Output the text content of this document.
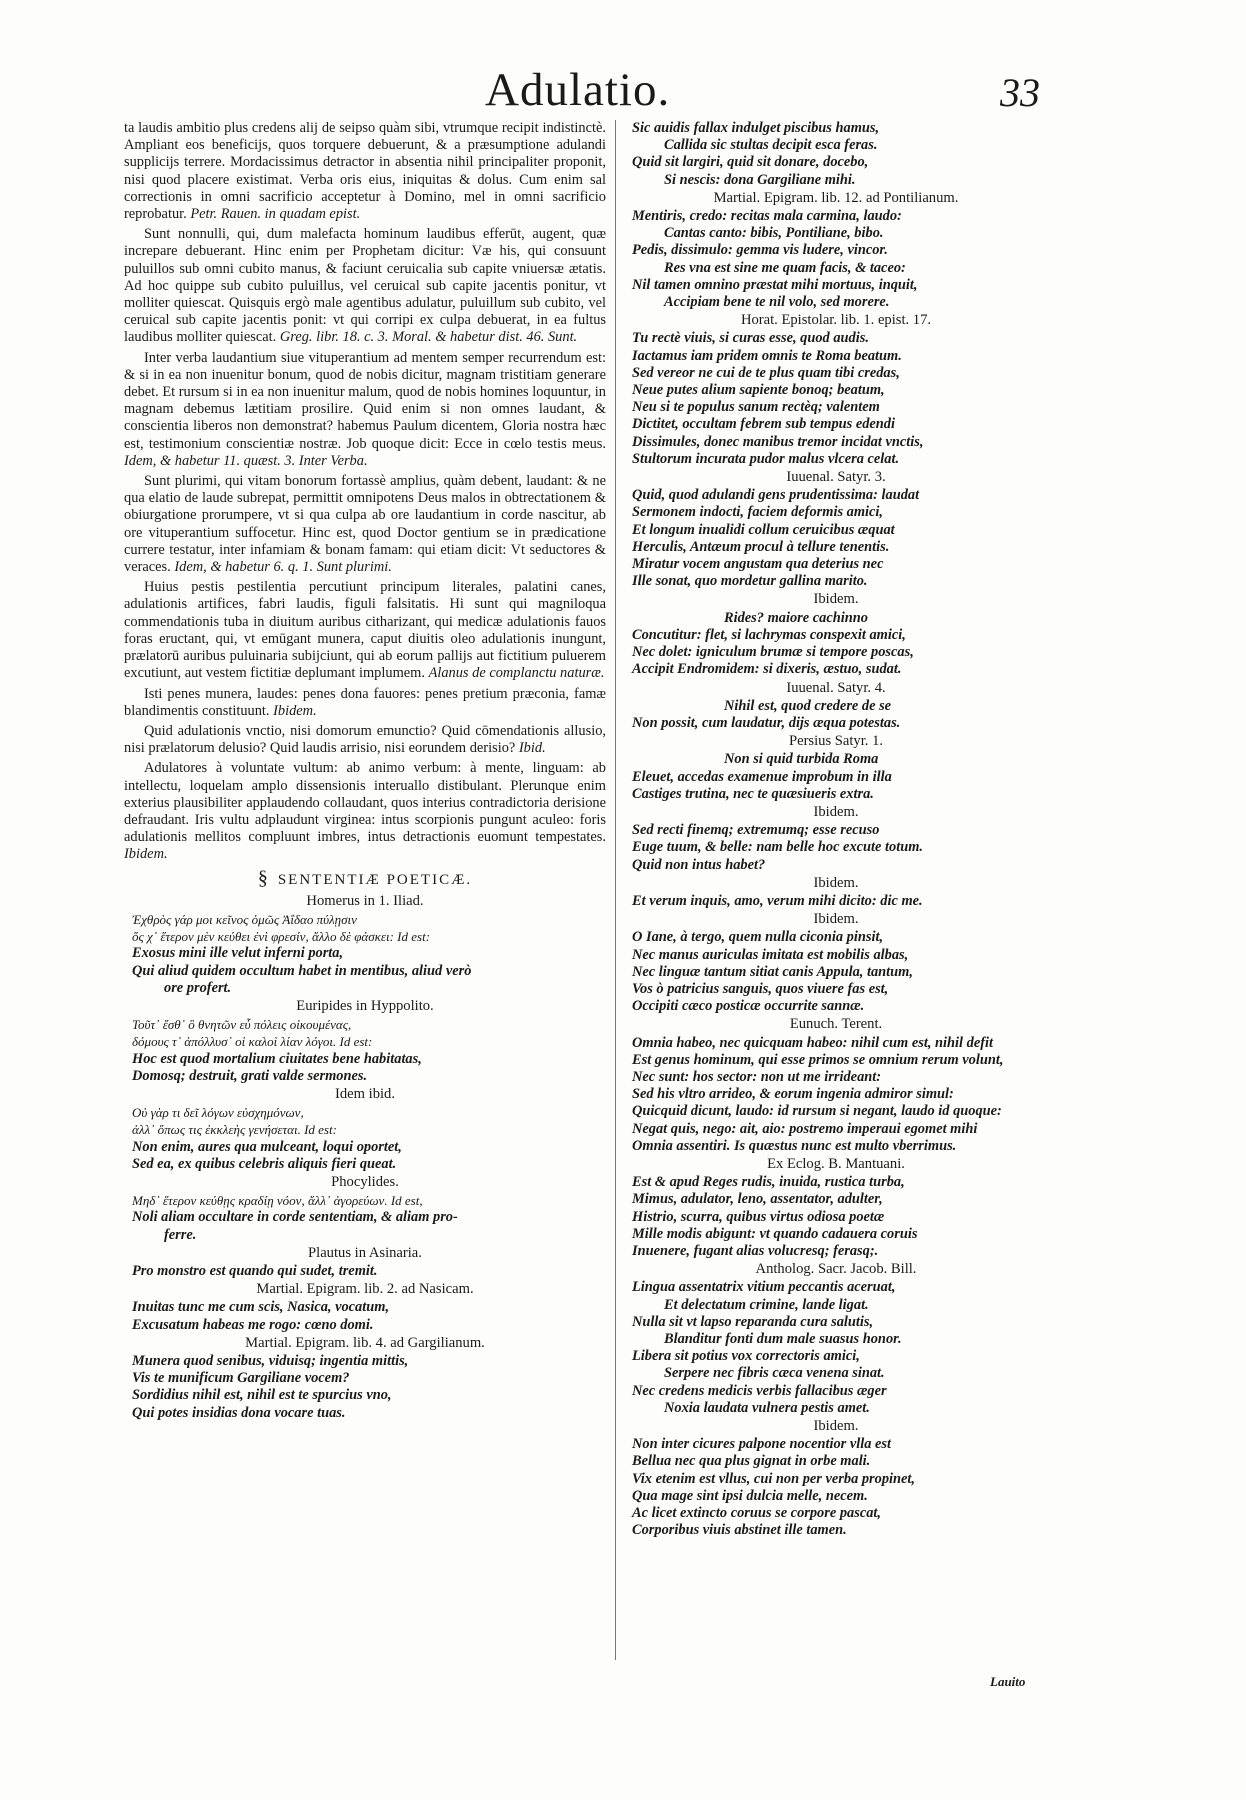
Adulatio.	33

ta laudis ambitio plus credens alij de seipso quàm sibi, vtrumque recipit indistinctè. Ampliant eos beneficijs, quos torquere debuerunt, & a præsumptione adulandi supplicijs terrere. Mordacissimus detractor in absentia nihil principaliter proponit, nisi quod placere existimat. Verba oris eius, iniquitas & dolus. Cum enim sal correctionis in omni sacrificio acceptetur à Domino, mel in omni sacrificio reprobatur. Petr. Rauen. in quadam epist.

Sunt nonnulli, qui, dum malefacta hominum laudibus efferūt, augent, quæ increpare debuerant. Hinc enim per Prophetam dicitur: Væ his, qui consuunt puluillos sub omni cubito manus, & faciunt ceruicalia sub capite vniuersæ ætatis. Ad hoc quippe sub cubito puluillus, vel ceruical sub capite jacentis ponitur, vt molliter quiescat. Quisquis ergò male agentibus adulatur, puluillum sub cubito, vel ceruical sub capite jacentis ponit: vt qui corripi ex culpa debuerat, in ea fultus laudibus molliter quiescat. Greg. libr. 18. c. 3. Moral. & habetur dist. 46. Sunt.

Inter verba laudantium siue vituperantium ad mentem semper recurrendum est: & si in ea non inuenitur bonum, quod de nobis dicitur, magnam tristitiam generare debet. Et rursum si in ea non inuenitur malum, quod de nobis homines loquuntur, in magnam debemus lætitiam prosilire. Quid enim si non omnes laudant, & conscientia liberos non demonstrat? habemus Paulum dicentem, Gloria nostra hæc est, testimonium conscientiæ nostræ. Job quoque dicit: Ecce in cœlo testis meus. Idem, & habetur 11. quæst. 3. Inter Verba.

Sunt plurimi, qui vitam bonorum fortassè amplius, quàm debent, laudant: & ne qua elatio de laude subrepat, permittit omnipotens Deus malos in obtrectationem & obiurgatione prorumpere, vt si qua culpa ab ore laudantium in corde nascitur, ab ore vituperantium suffocetur. Hinc est, quod Doctor gentium se in prædicatione currere testatur, inter infamiam & bonam famam: qui etiam dicit: Vt seductores & veraces. Idem, & habetur 6. q. 1. Sunt plurimi.

Huius pestis pestilentia percutiunt principum literales, palatini canes, adulationis artifices, fabri laudis, figuli falsitatis. Hi sunt qui magniloqua commendationis tuba in diuitum auribus citharizant, qui medicæ adulationis fauos foras eructant, qui, vt emūgant munera, caput diuitis oleo adulationis inungunt, prælatorū auribus puluinaria subijciunt, qui ab eorum pallijs aut fictitium puluerem excutiunt, aut vestem fictitiæ deplumant implumem. Alanus de complanctu naturæ.

Isti penes munera, laudes: penes dona fauores: penes pretium præconia, famæ blandimentis constituunt. Ibidem.

Quid adulationis vnctio, nisi domorum emunctio? Quid cōmendationis allusio, nisi prælatorum delusio? Quid laudis arrisio, nisi eorundem derisio? Ibid.

Adulatores à voluntate vultum: ab animo verbum: à mente, linguam: ab intellectu, loquelam amplo dissensionis interuallo distibulant. Plerunque enim exterius plausibiliter applaudendo collaudant, quos interius contradictoria derisione defraudant. Iris vultu adplaudunt virginea: intus scorpionis pungunt aculeo: foris adulationis mellitos compluunt imbres, intus detractionis euomunt tempestates. Ibidem.

§ SENTENTIÆ POETICÆ.
Homerus in 1. Iliad.
Ἐχθρὸς γάρ μοι κεῖνος ὁμῶς Ἀΐδαο πύλῃσιν
ὅς χ᾽ ἕτερον μὲν κεύθει ἐνὶ φρεσίν, ἄλλο δὲ φάσκει: Id est:
Exosus mini ille velut inferni porta,
Qui aliud quidem occultum habet in mentibus, aliud verò
ore profert.
Euripides in Hyppolito.
Τοῦτ᾽ ἔσθ᾽ ὃ θνητῶν εὖ πόλεις οἰκουμένας,
δόμους τ᾽ ἀπόλλυσ᾽ οἱ καλοὶ λίαν λόγοι. Id est:
Hoc est quod mortalium ciuitates bene habitatas,
Domosq; destruit, grati valde sermones.
Idem ibid.
Οὐ γὰρ τι δεῖ λόγων εὐσχημόνων,
ἀλλ᾽ ὅπως τις ἐκκλεὴς γενήσεται. Id est:
Non enim, aures qua mulceant, loqui oportet,
Sed ea, ex quibus celebris aliquis fieri queat.
Phocylides.
Μηδ᾽ ἕτερον κεύθῃς κραδίῃ νόον, ἄλλ᾽ ἀγορεύων. Id est,
Noli aliam occultare in corde sententiam, & aliam pro-
ferre.
Plautus in Asinaria.
Pro monstro est quando qui sudet, tremit.
Martial. Epigram. lib. 2. ad Nasicam.
Inuitas tunc me cum scis, Nasica, vocatum,
Excusatum habeas me rogo: cœno domi.
Martial. Epigram. lib. 4. ad Gargilianum.
Munera quod senibus, viduisq; ingentia mittis,
Vis te munificum Gargiliane vocem?
Sordidius nihil est, nihil est te spurcius vno,
Qui potes insidias dona vocare tuas.
Sic auidis fallax indulget piscibus hamus,
Callida sic stultas decipit esca feras.
Quid sit largiri, quid sit donare, docebo,
Si nescis: dona Gargiliane mihi.
Martial. Epigram. lib. 12. ad Pontilianum.
Mentiris, credo: recitas mala carmina, laudo:
Cantas canto: bibis, Pontiliane, bibo.
Pedis, dissimulo: gemma vis ludere, vincor.
Res vna est sine me quam facis, & taceo:
Nil tamen omnino præstat mihi mortuus, inquit,
Accipiam bene te nil volo, sed morere.
Horat. Epistolar. lib. 1. epist. 17.
Tu rectè viuis, si curas esse, quod audis.
Iactamus iam pridem omnis te Roma beatum.
Sed vereor ne cui de te plus quam tibi credas,
Neue putes alium sapiente bonoq; beatum,
Neu si te populus sanum rectèq; valentem
Dictitet, occultam febrem sub tempus edendi
Dissimules, donec manibus tremor incidat vnctis,
Stultorum incurata pudor malus vlcera celat.
Iuuenal. Satyr. 3.
Quid, quod adulandi gens prudentissima: laudat
Sermonem indocti, faciem deformis amici,
Et longum inualidi collum ceruicibus æquat
Herculis, Antæum procul à tellure tenentis.
Miratur vocem angustam qua deterius nec
Ille sonat, quo mordetur gallina marito.
Ibidem.
Rides? maiore cachinno
Concutitur: flet, si lachrymas conspexit amici,
Nec dolet: igniculum brumæ si tempore poscas,
Accipit Endromidem: si dixeris, æstuo, sudat.
Iuuenal. Satyr. 4.
Nihil est, quod credere de se
Non possit, cum laudatur, dijs æqua potestas.
Persius Satyr. 1.
Non si quid turbida Roma
Eleuet, accedas examenue improbum in illa
Castiges trutina, nec te quæsiueris extra.
Ibidem.
Sed recti finemq; extremumq; esse recuso
Euge tuum, & belle: nam belle hoc excute totum.
Quid non intus habet?
Ibidem.
Et verum inquis, amo, verum mihi dicito: dic me.
Ibidem.
O Iane, à tergo, quem nulla ciconia pinsit,
Nec manus auriculas imitata est mobilis albas,
Nec linguæ tantum sitiat canis Appula, tantum,
Vos ò patricius sanguis, quos viuere fas est,
Occipiti cæco posticæ occurrite sannæ.
Eunuch. Terent.
Omnia habeo, nec quicquam habeo: nihil cum est, nihil defit
Est genus hominum, qui esse primos se omnium rerum volunt,
Nec sunt: hos sector: non ut me irrideant:
Sed his vltro arrideo, & eorum ingenia admiror simul:
Quicquid dicunt, laudo: id rursum si negant, laudo id quoque:
Negat quis, nego: ait, aio: postremo imperaui egomet mihi
Omnia assentiri. Is quæstus nunc est multo vberrimus.
Ex Eclog. B. Mantuani.
Est & apud Reges rudis, inuida, rustica turba,
Mimus, adulator, leno, assentator, adulter,
Histrio, scurra, quibus virtus odiosa poetæ
Mille modis abigunt: vt quando cadauera coruis
Inuenere, fugant alias volucresq; ferasq;.
Antholog. Sacr. Jacob. Bill.
Lingua assentatrix vitium peccantis aceruat,
Et delectatum crimine, lande ligat.
Nulla sit vt lapso reparanda cura salutis,
Blanditur fonti dum male suasus honor.
Libera sit potius vox correctoris amici,
Serpere nec fibris cæca venena sinat.
Nec credens medicis verbis fallacibus æger
Noxia laudata vulnera pestis amet.
Ibidem.
Non inter cicures palpone nocentior vlla est
Bellua nec qua plus gignat in orbe mali.
Vix etenim est vllus, cui non per verba propinet,
Qua mage sint ipsi dulcia melle, necem.
Ac licet extincto coruus se corpore pascat,
Corporibus viuis abstinet ille tamen.
Lauito
